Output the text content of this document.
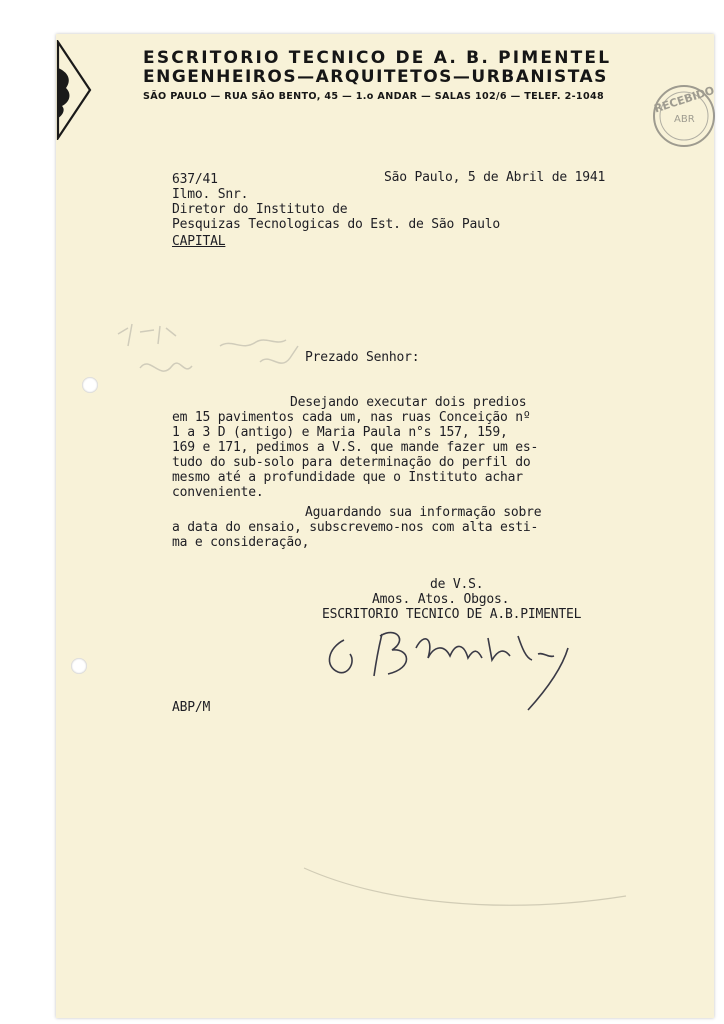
ESCRITORIO TECNICO DE A. B. PIMENTEL
ENGENHEIROS—ARQUITETOS—URBANISTAS
SÃO PAULO — RUA SÃO BENTO, 45 — 1.o ANDAR — SALAS 102/6 — TELEF. 2-1048	RECEBIDO
ABR
637/41	São Paulo, 5 de Abril de 1941
Ilmo. Snr.
Diretor do Instituto de
Pesquizas Tecnologicas do Est. de São Paulo
CAPITAL
Prezado Senhor:
Desejando executar dois predios
em 15 pavimentos cada um, nas ruas Conceição nº
1 a 3 D (antigo) e Maria Paula n°s 157, 159,
169 e 171, pedimos a V.S. que mande fazer um es-
tudo do sub-solo para determinação do perfil do
mesmo até a profundidade que o Instituto achar
conveniente.
Aguardando sua informação sobre
a data do ensaio, subscrevemo-nos com alta esti-
ma e consideração,
de V.S.
Amos. Atos. Obgos.
ESCRITORIO TECNICO DE A.B.PIMENTEL
ABP/M
